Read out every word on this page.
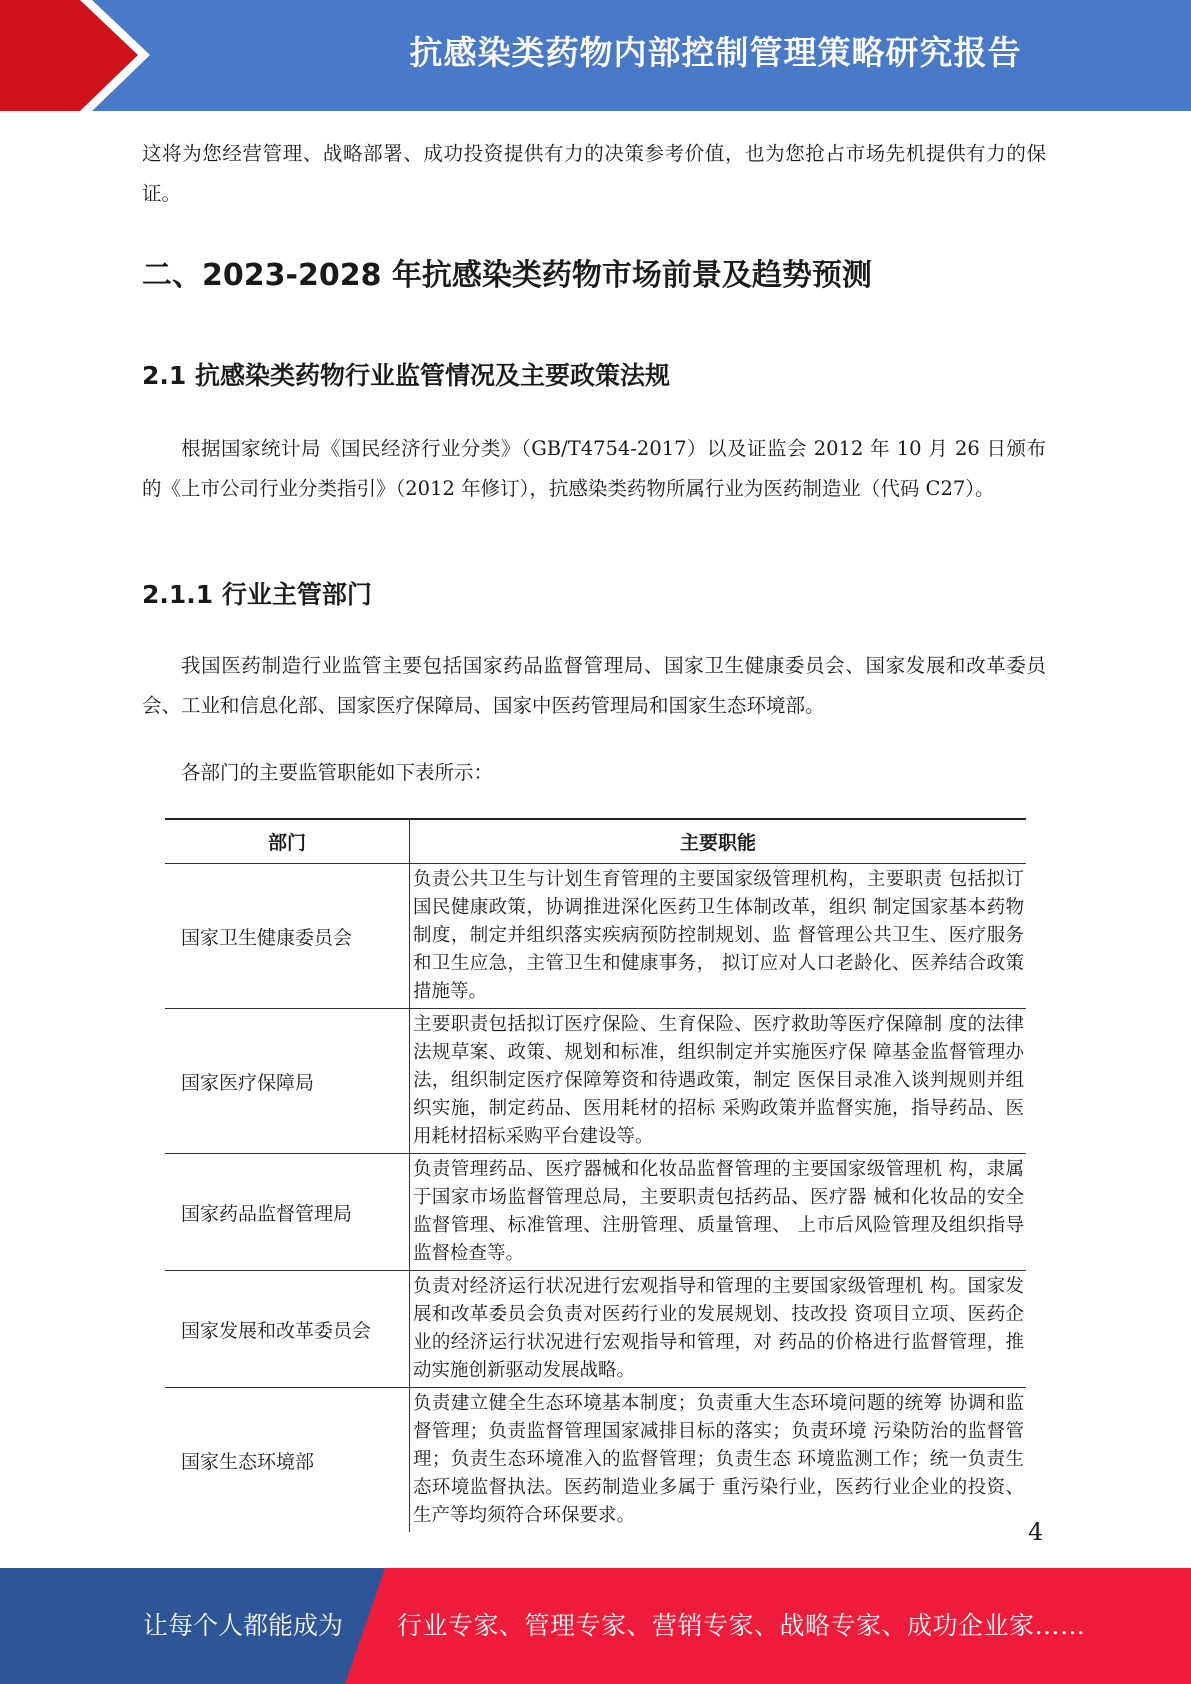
抗感染类药物内部控制管理策略研究报告

这将为您经营管理、战略部署、成功投资提供有力的决策参考价值，也为您抢占市场先机提供有力的保证。

二、2023-2028 年抗感染类药物市场前景及趋势预测
2.1 抗感染类药物行业监管情况及主要政策法规

根据国家统计局《国民经济行业分类》（GB/T4754-2017）以及证监会 2012 年 10 月 26 日颁布的《上市公司行业分类指引》（2012 年修订），抗感染类药物所属行业为医药制造业（代码 C27）。

2.1.1 行业主管部门

我国医药制造行业监管主要包括国家药品监督管理局、国家卫生健康委员会、国家发展和改革委员会、工业和信息化部、国家医疗保障局、国家中医药管理局和国家生态环境部。

各部门的主要监管职能如下表所示：

部门	主要职能
国家卫生健康委员会	负责公共卫生与计划生育管理的主要国家级管理机构，主要职责 包括拟订国民健康政策，协调推进深化医药卫生体制改革，组织 制定国家基本药物制度，制定并组织落实疾病预防控制规划、监 督管理公共卫生、医疗服务和卫生应急，主管卫生和健康事务， 拟订应对人口老龄化、医养结合政策措施等。
国家医疗保障局	主要职责包括拟订医疗保险、生育保险、医疗救助等医疗保障制 度的法律法规草案、政策、规划和标准，组织制定并实施医疗保 障基金监督管理办法，组织制定医疗保障筹资和待遇政策，制定 医保目录准入谈判规则并组织实施，制定药品、医用耗材的招标 采购政策并监督实施，指导药品、医用耗材招标采购平台建设等。
国家药品监督管理局	负责管理药品、医疗器械和化妆品监督管理的主要国家级管理机 构，隶属于国家市场监督管理总局，主要职责包括药品、医疗器 械和化妆品的安全监督管理、标准管理、注册管理、质量管理、 上市后风险管理及组织指导监督检查等。
国家发展和改革委员会	负责对经济运行状况进行宏观指导和管理的主要国家级管理机 构。国家发展和改革委员会负责对医药行业的发展规划、技改投 资项目立项、医药企业的经济运行状况进行宏观指导和管理，对 药品的价格进行监督管理，推动实施创新驱动发展战略。
国家生态环境部	负责建立健全生态环境基本制度；负责重大生态环境问题的统筹 协调和监督管理；负责监督管理国家减排目标的落实；负责环境 污染防治的监督管理；负责生态环境准入的监督管理；负责生态 环境监测工作；统一负责生态环境监督执法。医药制造业多属于 重污染行业，医药行业企业的投资、生产等均须符合环保要求。
4
让每个人都能成为 行业专家、管理专家、营销专家、战略专家、成功企业家……
